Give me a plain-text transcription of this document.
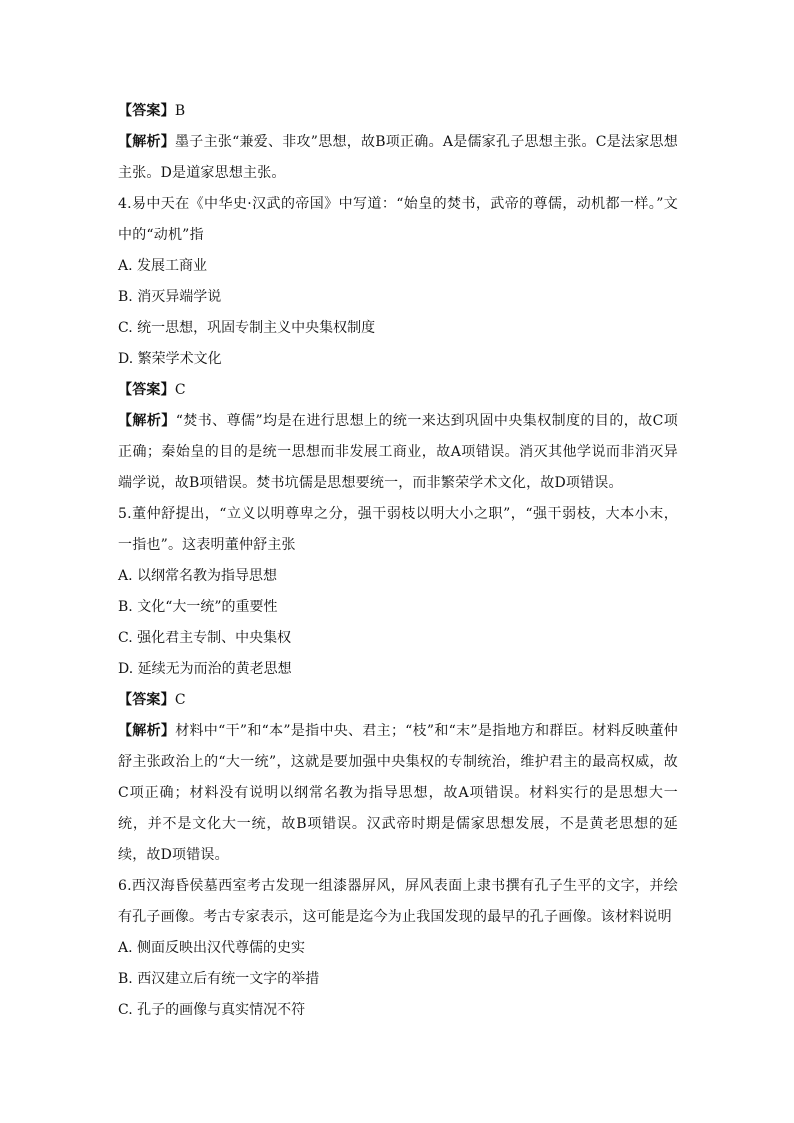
【答案】B
【解析】墨子主张“兼爱、非攻”思想，故B项正确。A是儒家孔子思想主张。C是法家思想主张。D是道家思想主张。
4.易中天在《中华史·汉武的帝国》中写道：“始皇的焚书，武帝的尊儒，动机都一样。”文中的“动机”指
A. 发展工商业
B. 消灭异端学说
C. 统一思想，巩固专制主义中央集权制度
D. 繁荣学术文化
【答案】C
【解析】“焚书、尊儒”均是在进行思想上的统一来达到巩固中央集权制度的目的，故C项正确；秦始皇的目的是统一思想而非发展工商业，故A项错误。消灭其他学说而非消灭异端学说，故B项错误。焚书坑儒是思想要统一，而非繁荣学术文化，故D项错误。
5.董仲舒提出，“立义以明尊卑之分，强干弱枝以明大小之职”，“强干弱枝，大本小末，一指也”。这表明董仲舒主张
A. 以纲常名教为指导思想
B. 文化“大一统”的重要性
C. 强化君主专制、中央集权
D. 延续无为而治的黄老思想
【答案】C
【解析】材料中“干”和“本”是指中央、君主；“枝”和“末”是指地方和群臣。材料反映董仲舒主张政治上的“大一统”，这就是要加强中央集权的专制统治，维护君主的最高权威，故C项正确；材料没有说明以纲常名教为指导思想，故A项错误。材料实行的是思想大一统，并不是文化大一统，故B项错误。汉武帝时期是儒家思想发展，不是黄老思想的延续，故D项错误。
6.西汉海昏侯墓西室考古发现一组漆器屏风，屏风表面上隶书撰有孔子生平的文字，并绘有孔子画像。考古专家表示，这可能是迄今为止我国发现的最早的孔子画像。该材料说明
A. 侧面反映出汉代尊儒的史实
B. 西汉建立后有统一文字的举措
C. 孔子的画像与真实情况不符
